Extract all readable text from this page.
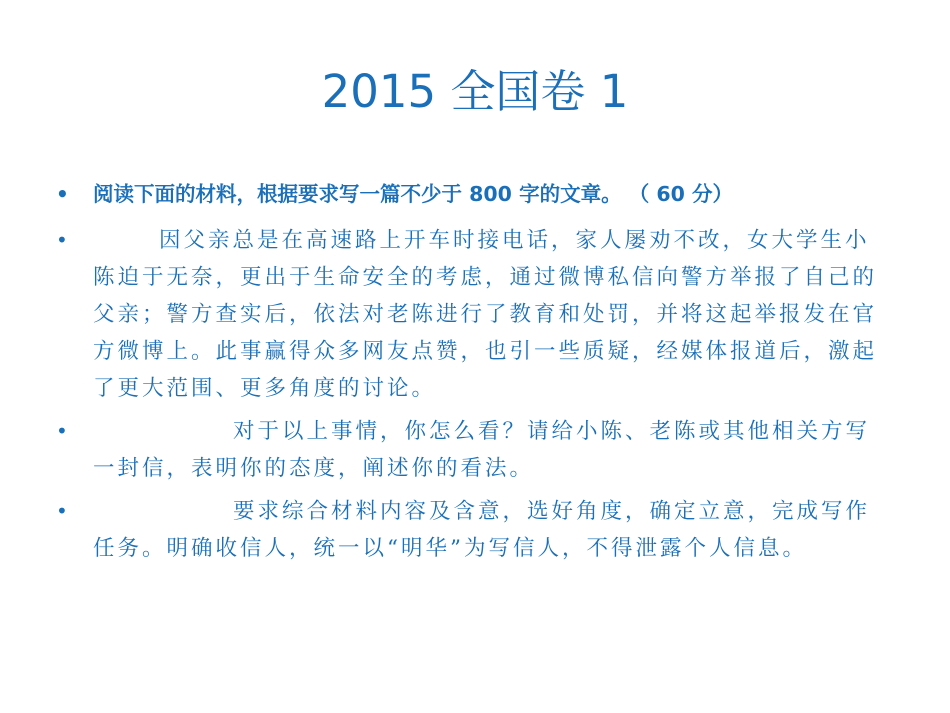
2015 全国卷 1
• 阅读下面的材料，根据要求写一篇不少于 800 字的文章。 （ 60 分）
•	因父亲总是在高速路上开车时接电话，家人屡劝不改，女大学生小陈迫于无奈，更出于生命安全的考虑，通过微博私信向警方举报了自己的父亲；警方查实后，依法对老陈进行了教育和处罚，并将这起举报发在官方微博上。此事赢得众多网友点赞，也引一些质疑，经媒体报道后，激起了更大范围、更多角度的讨论。
•	对于以上事情，你怎么看？请给小陈、老陈或其他相关方写一封信，表明你的态度，阐述你的看法。
•	要求综合材料内容及含意，选好角度，确定立意，完成写作任务。明确收信人，统一以“明华”为写信人，不得泄露个人信息。
